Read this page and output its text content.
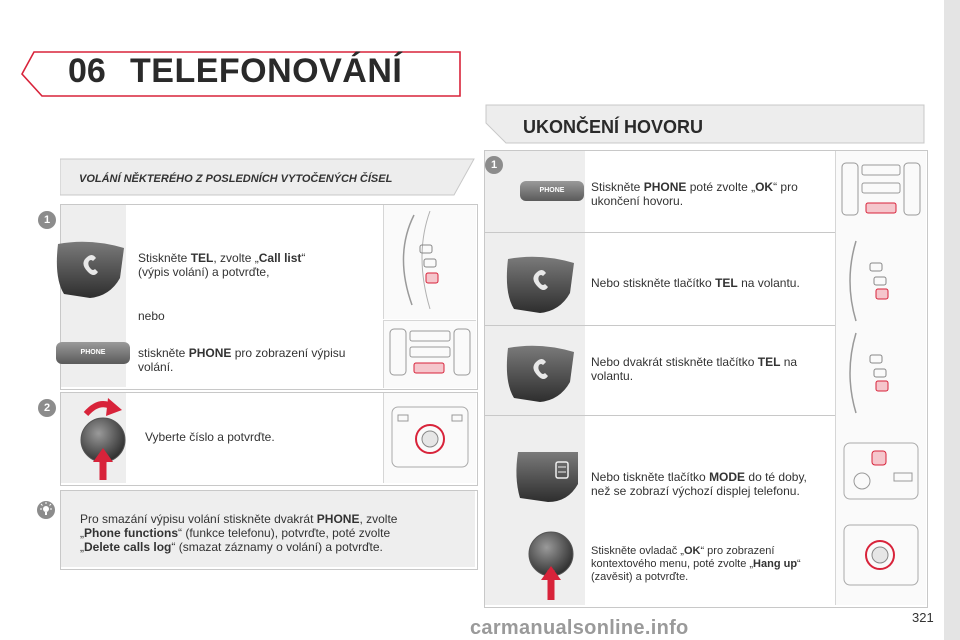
06 TELEFONOVÁNÍ
VOLÁNÍ NĚKTERÉHO Z POSLEDNÍCH VYTOČENÝCH ČÍSEL
1
Stiskněte TEL, zvolte „Call list“
(výpis volání) a potvrďte,
nebo
PHONE	stiskněte PHONE pro zobrazení výpisu
volání.
2
Vyberte číslo a potvrďte.
Pro smazání výpisu volání stiskněte dvakrát PHONE, zvolte
„Phone functions“ (funkce telefonu), potvrďte, poté zvolte
„Delete calls log“ (smazat záznamy o volání) a potvrďte.
UKONČENÍ HOVORU
1
PHONE	Stiskněte PHONE poté zvolte „OK“ pro
ukončení hovoru.
Nebo stiskněte tlačítko TEL na volantu.
Nebo dvakrát stiskněte tlačítko TEL na
volantu.
Nebo tiskněte tlačítko MODE do té doby,
než se zobrazí výchozí displej telefonu.
Stiskněte ovladač „OK“ pro zobrazení
kontextového menu, poté zvolte „Hang up“
(zavěsit) a potvrďte.
carmanualsonline.info	321
